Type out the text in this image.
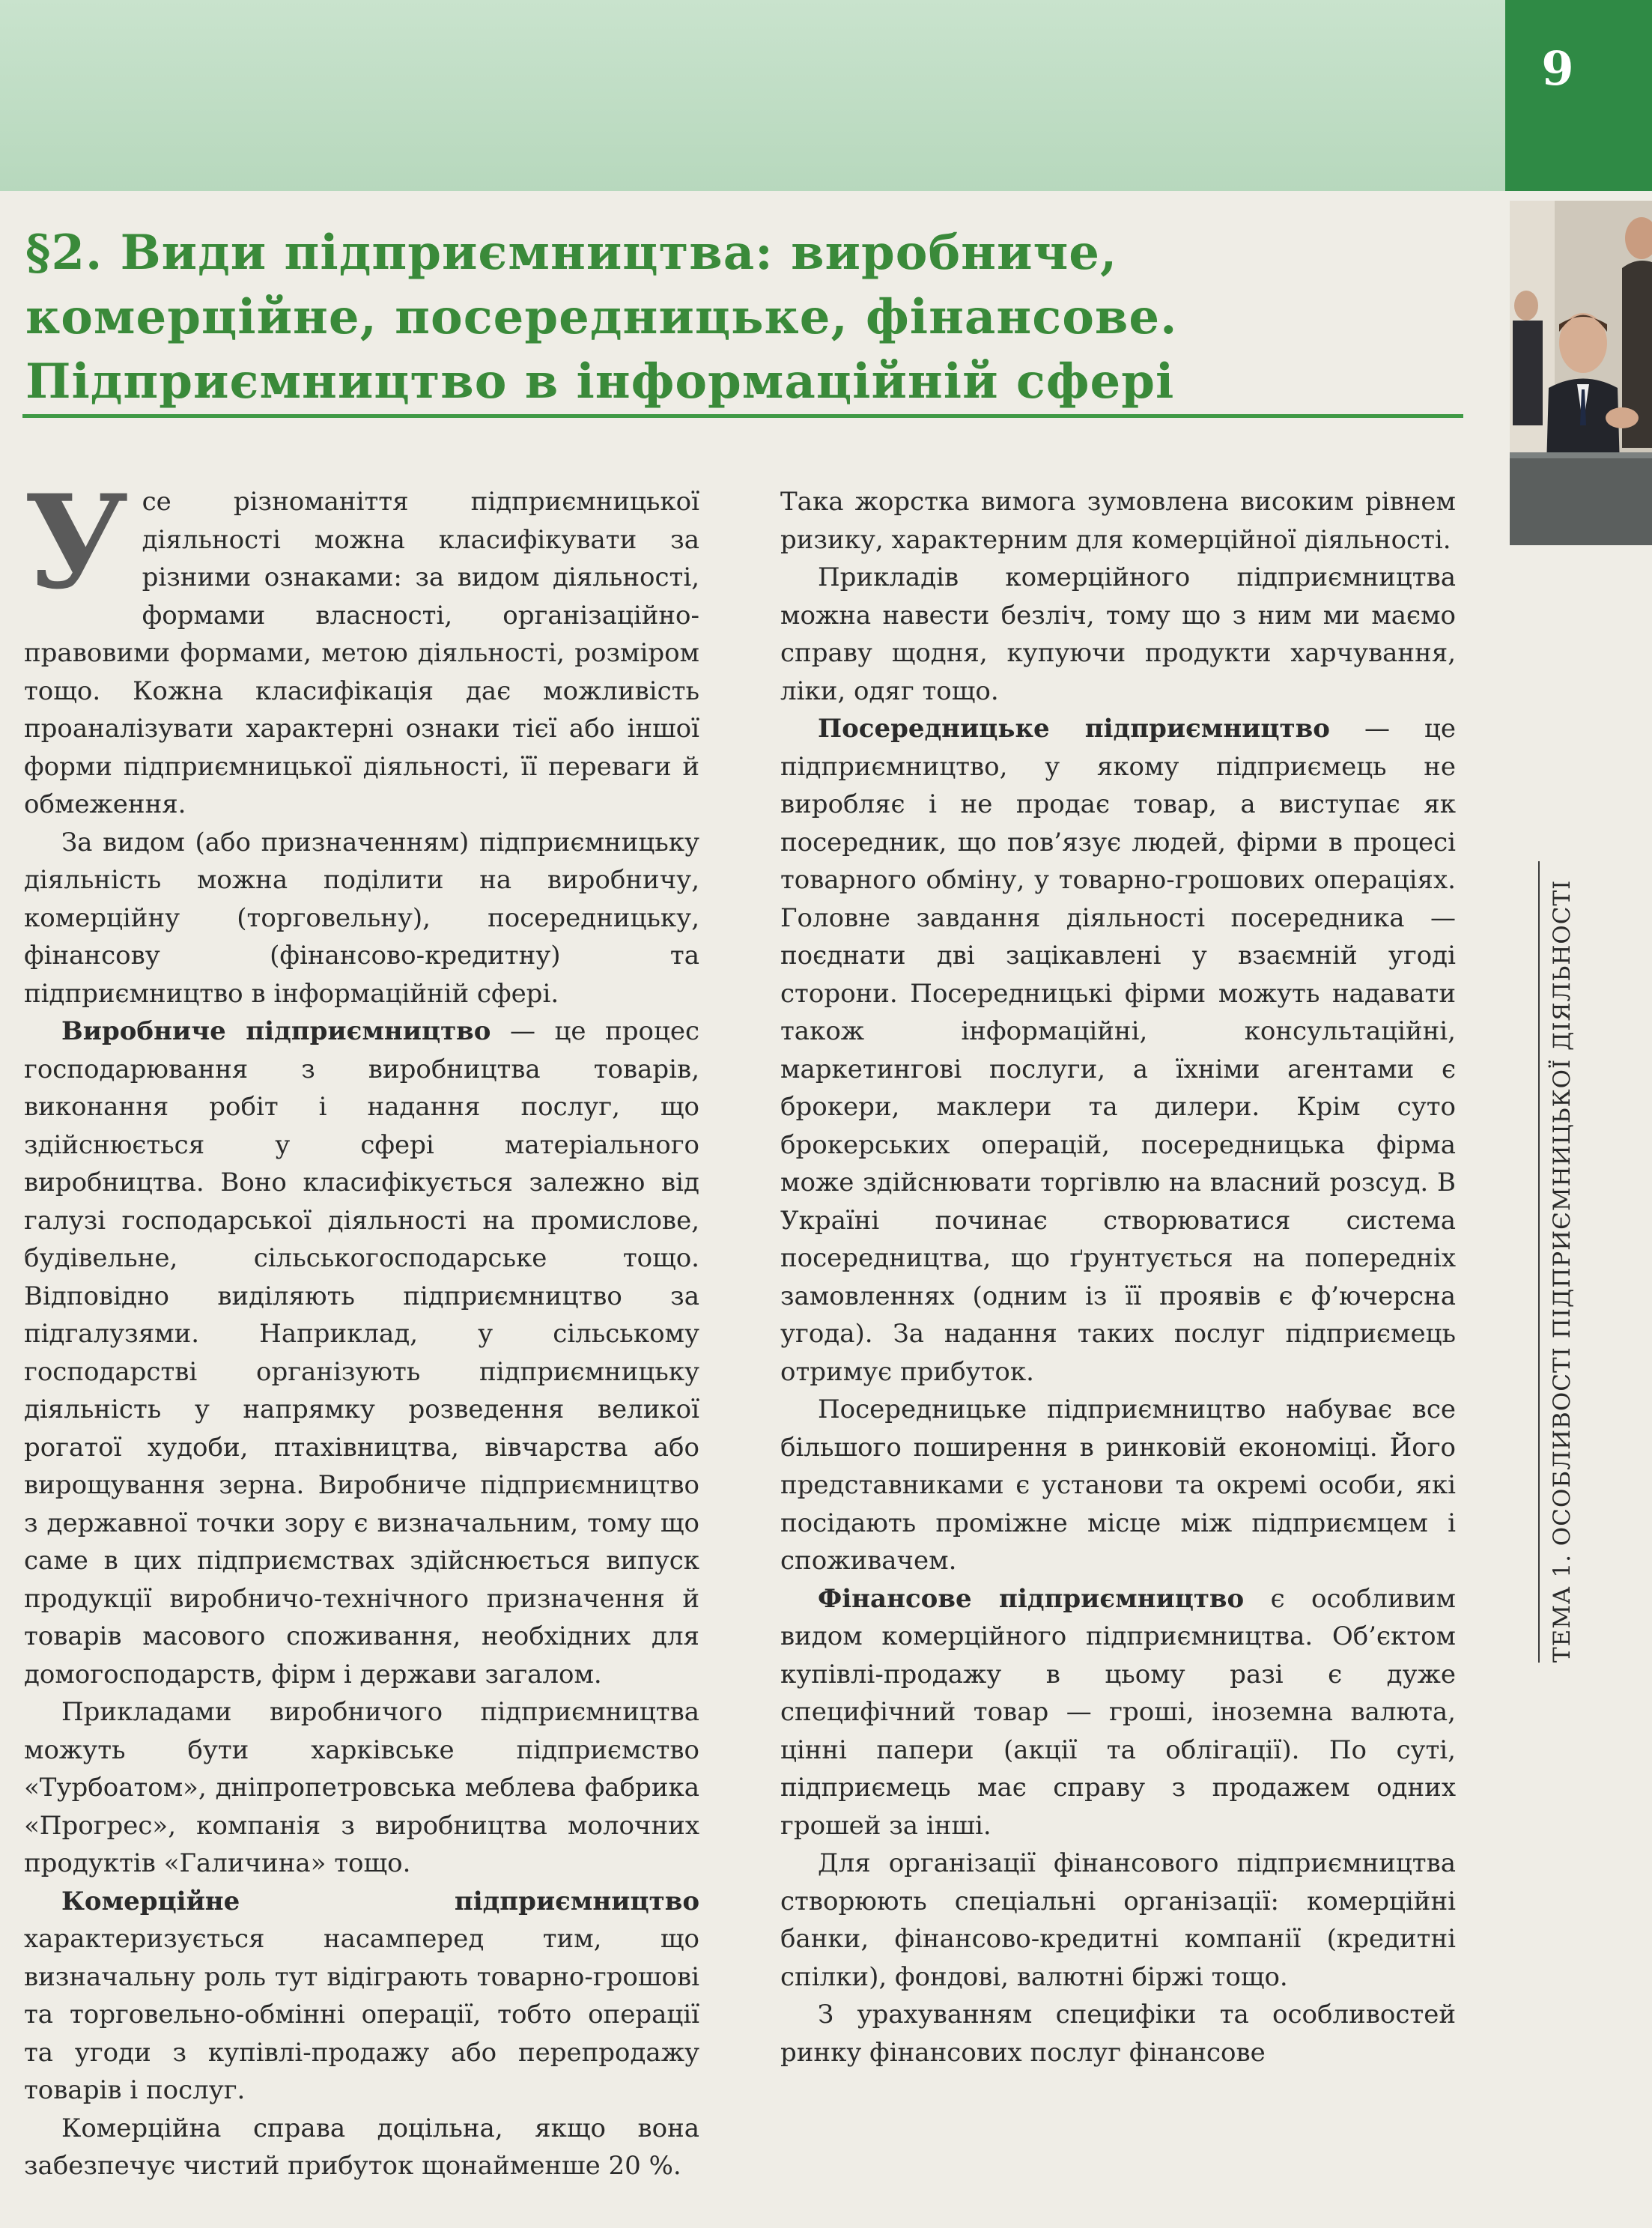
9
ТЕМА 1. ОСОБЛИВОСТІ ПІДПРИЄМНИЦЬКОЇ ДІЯЛЬНОСТІ
§2. Види підприємництва: виробниче,
комерційне, посередницьке, фінансове.
Підприємництво в інформаційній сфері

Усе різноманіття підприємницької діяльності можна класифікувати за різними ознаками: за видом діяльності, формами власності, організаційно-правовими формами, метою діяльності, розміром тощо. Кожна класифікація дає можливість проаналізувати характерні ознаки тієї або іншої форми підприємницької діяльності, її переваги й обмеження.

За видом (або призначенням) підприємницьку діяльність можна поділити на виробничу, комерційну (торговельну), посередницьку, фінансову (фінансово-кредитну) та підприємництво в інформаційній сфері.

Виробниче підприємництво — це процес господарювання з виробництва товарів, виконання робіт і надання послуг, що здійснюється у сфері матеріального виробництва. Воно класифікується залежно від галузі господарської діяльності на промислове, будівельне, сільськогосподарське тощо. Відповідно виділяють підприємництво за підгалузями. Наприклад, у сільському господарстві організують підприємницьку діяльність у напрямку розведення великої рогатої худоби, птахівництва, вівчарства або вирощування зерна. Виробниче підприємництво з державної точки зору є визначальним, тому що саме в цих підприємствах здійснюється випуск продукції виробничо-технічного призначення й товарів масового споживання, необхідних для домогосподарств, фірм і держави загалом.

Прикладами виробничого підприємництва можуть бути харківське підприємство «Турбоатом», дніпропетровська меблева фабрика «Прогрес», компанія з виробництва молочних продуктів «Галичина» тощо.

Комерційне підприємництво характеризується насамперед тим, що визначальну роль тут відіграють товарно-грошові та торговельно-обмінні операції, тобто операції та угоди з купівлі-продажу або перепродажу товарів і послуг.

Комерційна справа доцільна, якщо вона забезпечує чистий прибуток щонайменше 20 %.

Така жорстка вимога зумовлена високим рівнем ризику, характерним для комерційної діяльності.

Прикладів комерційного підприємництва можна навести безліч, тому що з ним ми маємо справу щодня, купуючи продукти харчування, ліки, одяг тощо.

Посередницьке підприємництво — це підприємництво, у якому підприємець не виробляє і не продає товар, а виступає як посередник, що пов’язує людей, фірми в процесі товарного обміну, у товарно-грошових операціях. Головне завдання діяльності посередника — поєднати дві зацікавлені у взаємній угоді сторони. Посередницькі фірми можуть надавати також інформаційні, консультаційні, маркетингові послуги, а їхніми агентами є брокери, маклери та дилери. Крім суто брокерських операцій, посередницька фірма може здійснювати торгівлю на власний розсуд. В Україні починає створюватися система посередництва, що ґрунтується на попередніх замовленнях (одним із її проявів є ф’ючерсна угода). За надання таких послуг підприємець отримує прибуток.

Посередницьке підприємництво набуває все більшого поширення в ринковій економіці. Його представниками є установи та окремі особи, які посідають проміжне місце між підприємцем і споживачем.

Фінансове підприємництво є особливим видом комерційного підприємництва. Об’єктом купівлі-продажу в цьому разі є дуже специфічний товар — гроші, іноземна валюта, цінні папери (акції та облігації). По суті, підприємець має справу з продажем одних грошей за інші.

Для організації фінансового підприємництва створюють спеціальні організації: комерційні банки, фінансово-кредитні компанії (кредитні спілки), фондові, валютні біржі тощо.

З урахуванням специфіки та особливостей ринку фінансових послуг фінансове
